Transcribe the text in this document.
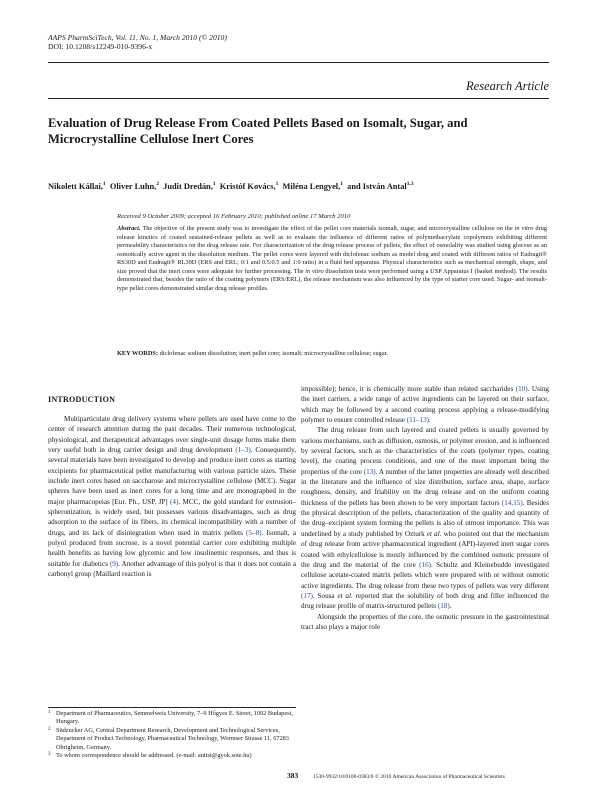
AAPS PharmSciTech, Vol. 11, No. 1, March 2010 (© 2010)
DOI: 10.1208/s12249-010-9396-x
Research Article
Evaluation of Drug Release From Coated Pellets Based on Isomalt, Sugar, and Microcrystalline Cellulose Inert Cores
Nikolett Kállai,$^1$ Oliver Luhn,$^2$ Judit Dredán,$^1$ Kristóf Kovács,$^1$ Miléna Lengyel,$^1$ and István Antal$^{1,3}$
Received 9 October 2009; accepted 16 February 2010; published online 17 March 2010
Abstract. The objective of the present study was to investigate the effect of the pellet core materials isomalt, sugar, and microcrystalline cellulose on the in vitro drug release kinetics of coated sustained-release pellets as well as to evaluate the influence of different ratios of polymethacrylate copolymers exhibiting different permeability characteristics on the drug release rate. For characterization of the drug release process of pellets, the effect of osmolality was studied using glucose as an osmotically active agent in the dissolution medium. The pellet cores were layered with diclofenac sodium as model drug and coated with different ratios of Eudragit® RS30D and Eudragit® RL30D (ERS and ERL; 0:1 and 0.5:0.5 and 1:0 ratio) in a fluid bed apparatus. Physical characteristics such as mechanical strength, shape, and size proved that the inert cores were adequate for further processing. The in vitro dissolution tests were performed using a USP Apparatus I (basket method). The results demonstrated that, besides the ratio of the coating polymers (ERS/ERL), the release mechanism was also influenced by the type of starter core used. Sugar- and isomalt-type pellet cores demonstrated similar drug release profiles.
KEY WORDS: diclofenac sodium dissolution; inert pellet core; isomalt; microcrystalline cellulose; sugar.
INTRODUCTION

Multiparticulate drug delivery systems where pellets are used have come to the center of research attention during the past decades. Their numerous technological, physiological, and therapeutical advantages over single-unit dosage forms make them very useful both in drug carrier design and drug development (1–3). Consequently, several materials have been investigated to develop and produce inert cores as starting excipients for pharmaceutical pellet manufacturing with various particle sizes. These include inert cores based on saccharose and microcrystalline cellulose (MCC). Sugar spheres have been used as inert cores for a long time and are monographed in the major pharmacopeias [Eur. Ph., USP, JP] (4). MCC, the gold standard for extrusion–spheronization, is widely used, but possesses various disadvantages, such as drug adsorption to the surface of its fibers, its chemical incompatibility with a number of drugs, and its lack of disintegration when used in matrix pellets (5–8). Isomalt, a polyol produced from sucrose, is a novel potential carrier core exhibiting multiple health benefits as having low glycemic and low insulinemic responses, and thus is suitable for diabetics (9). Another advantage of this polyol is that it does not contain a carbonyl group (Maillard reaction is

1 Department of Pharmaceutics, Semmelweis University, 7–9 Hőgyes E. Street, 1092 Budapest, Hungary.
2 Südzucker AG, Central Department Research, Development and Technological Services, Department of Product Technology, Pharmaceutical Technology, Wormser Strasse 11, 67283 Obrigheim, Germany.
3 To whom correspondence should be addressed. (e-mail: antist@gyok.sote.hu)

impossible); hence, it is chemically more stable than related saccharides (10). Using the inert carriers, a wide range of active ingredients can be layered on their surface, which may be followed by a second coating process applying a release-modifying polymer to ensure controlled release (11–13).

The drug release from such layered and coated pellets is usually governed by various mechanisms, such as diffusion, osmosis, or polymer erosion, and is influenced by several factors, such as the characteristics of the coats (polymer types, coating level), the coating process conditions, and one of the most important being the properties of the core (13). A number of the latter properties are already well described in the literature and the influence of size distribution, surface area, shape, surface roughness, density, and friability on the drug release and on the uniform coating thickness of the pellets has been shown to be very important factors (14,15). Besides the physical description of the pellets, characterization of the quality and quantity of the drug–excipient system forming the pellets is also of utmost importance. This was underlined by a study published by Ozturk et al. who pointed out that the mechanism of drug release from active pharmaceutical ingredient (API)-layered inert sugar cores coated with ethylcellulose is mostly influenced by the combined osmotic pressure of the drug and the material of the core (16). Schultz and Kleinebudde investigated cellulose acetate-coated matrix pellets which were prepared with or without osmotic active ingredients. The drug release from these two types of pellets was very different (17). Sousa et al. reported that the solubility of both drug and filler influenced the drug release profile of matrix-structured pellets (18).

Alongside the properties of the core, the osmotic pressure in the gastrointestinal tract also plays a major role

383	1530-9932/10/0100-0383/0 © 2010 American Association of Pharmaceutical Scientists
